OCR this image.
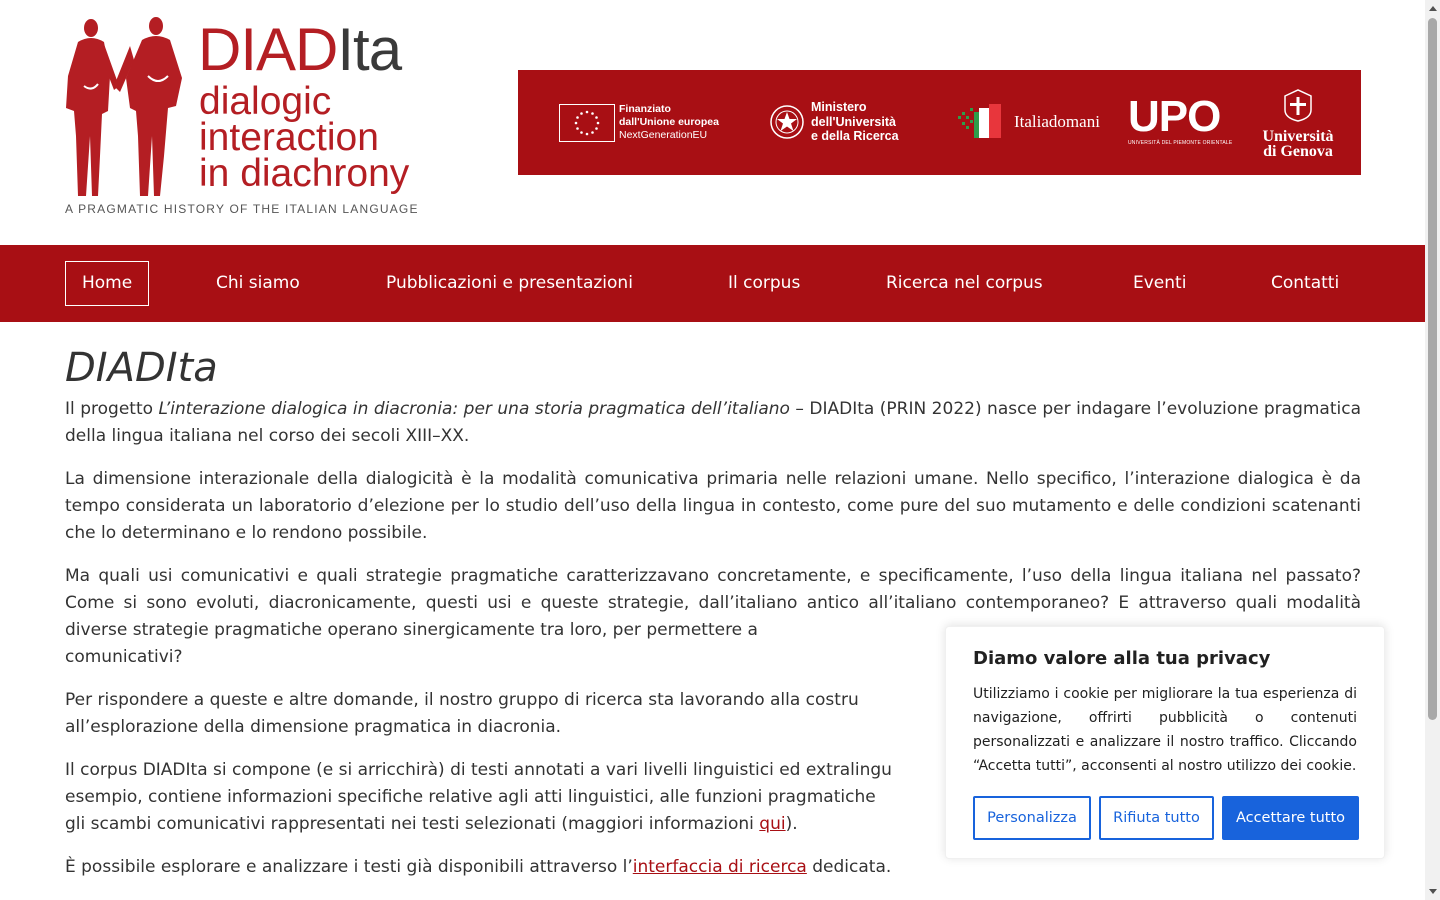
DIADIta
dialogic
interaction
in diachrony
A PRAGMATIC HISTORY OF THE ITALIAN LANGUAGE
Finanziato
dall'Unione europea
NextGenerationEU
Ministero
dell'Università
e della Ricerca
Italiadomani UPO
UNIVERSITÀ DEL PIEMONTE ORIENTALE	Università
di Genova
Home	Chi siamo	Pubblicazioni e presentazioni	Il corpus	Ricerca nel corpus	Eventi	Contatti
DIADIta

Il progetto L’interazione dialogica in diacronia: per una storia pragmatica dell’italiano – DIADIta (PRIN 2022) nasce per indagare l’evoluzione pragmatica della lingua italiana nel corso dei secoli XIII–XX.

La dimensione interazionale della dialogicità è la modalità comunicativa primaria nelle relazioni umane. Nello specifico, l’interazione dialogica è da tempo considerata un laboratorio d’elezione per lo studio dell’uso della lingua in contesto, come pure del suo mutamento e delle condizioni scatenanti che lo determinano e lo rendono possibile.

Ma quali usi comunicativi e quali strategie pragmatiche caratterizzavano concretamente, e specificamente, l’uso della lingua italiana nel passato? Come si sono evoluti, diacronicamente, questi usi e queste strategie, dall’italiano antico all’italiano contemporaneo? E attraverso quali modalità diverse strategie pragmatiche operano sinergicamente tra loro, per permettere a
comunicativi?

Per rispondere a queste e altre domande, il nostro gruppo di ricerca sta lavorando alla costru
all’esplorazione della dimensione pragmatica in diacronia.

Il corpus DIADIta si compone (e si arricchirà) di testi annotati a vari livelli linguistici ed extralingu
esempio, contiene informazioni specifiche relative agli atti linguistici, alle funzioni pragmatiche
gli scambi comunicativi rappresentati nei testi selezionati (maggiori informazioni qui).

È possibile esplorare e analizzare i testi già disponibili attraverso l’interfaccia di ricerca dedicata.

Diamo valore alla tua privacy
Utilizziamo i cookie per migliorare la tua esperienza di navigazione, offrirti pubblicità o contenuti personalizzati e analizzare il nostro traffico. Cliccando “Accetta tutti”, acconsenti al nostro utilizzo dei cookie.
Personalizza	Rifiuta tutto	Accettare tutto
